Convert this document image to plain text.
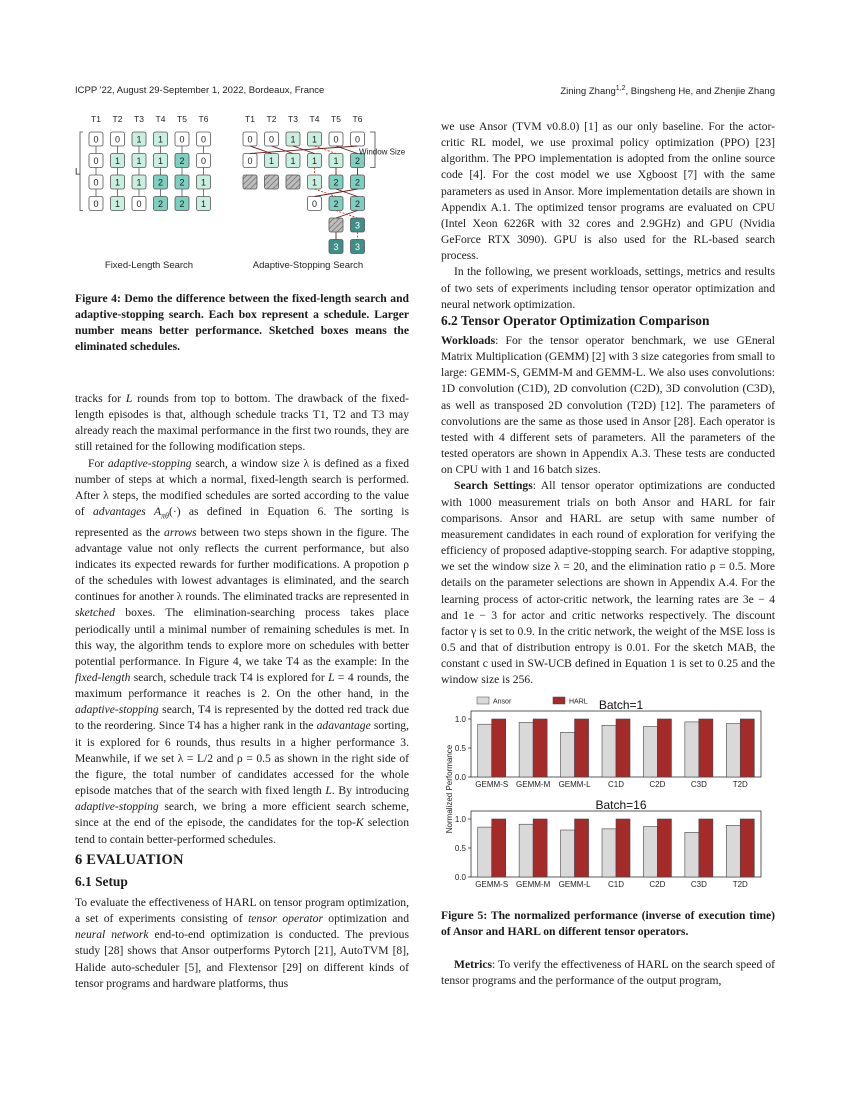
ICPP '22, August 29-September 1, 2022, Bordeaux, France	Zining Zhang$^{1,2}$, Bingsheng He, and Zhenjie Zhang
T1 T2 T3 T4 T5 T6
0 0 1 1 0 0
0 1 1 1 2 0
0 1 1 2 2 1
0 1 0 2 2 1
L
Fixed-Length Search
T1 T2 T3 T4 T5 T6
0 0 1 1 0 0
0 1 1 1 1 2
1 2 2
0 2 2
3
3 3
Window Size
Adaptive-Stopping Search
Figure 4: Demo the difference between the fixed-length search and adaptive-stopping search. Each box represent a schedule. Larger number means better performance. Sketched boxes means the eliminated schedules.

tracks for L rounds from top to bottom. The drawback of the fixed-length episodes is that, although schedule tracks T1, T2 and T3 may already reach the maximal performance in the first two rounds, they are still retained for the following modification steps.

For adaptive-stopping search, a window size λ is defined as a fixed number of steps at which a normal, fixed-length search is performed. After λ steps, the modified schedules are sorted according to the value of advantages $A_{\pi\theta}(\cdot)$ as defined in Equation 6. The sorting is represented as the arrows between two steps shown in the figure. The advantage value not only reflects the current performance, but also indicates its expected rewards for further modifications. A propotion ρ of the schedules with lowest advantages is eliminated, and the search continues for another λ rounds. The eliminated tracks are represented in sketched boxes. The elimination-searching process takes place periodically until a minimal number of remaining schedules is met. In this way, the algorithm tends to explore more on schedules with better potential performance. In Figure 4, we take T4 as the example: In the fixed-length search, schedule track T4 is explored for L = 4 rounds, the maximum performance it reaches is 2. On the other hand, in the adaptive-stopping search, T4 is represented by the dotted red track due to the reordering. Since T4 has a higher rank in the adavantage sorting, it is explored for 6 rounds, thus results in a higher performance 3. Meanwhile, if we set λ = L/2 and ρ = 0.5 as shown in the right side of the figure, the total number of candidates accessed for the whole episode matches that of the search with fixed length L. By introducing adaptive-stopping search, we bring a more efficient search scheme, since at the end of the episode, the candidates for the top-K selection tend to contain better-performed schedules.

6 EVALUATION
6.1 Setup
To evaluate the effectiveness of HARL on tensor program optimization, a set of experiments consisting of tensor operator optimization and neural network end-to-end optimization is conducted. The previous study [28] shows that Ansor outperforms Pytorch [21], AutoTVM [8], Halide auto-scheduler [5], and Flextensor [29] on different kinds of tensor programs and hardware platforms, thus

we use Ansor (TVM v0.8.0) [1] as our only baseline. For the actor-critic RL model, we use proximal policy optimization (PPO) [23] algorithm. The PPO implementation is adopted from the online source code [4]. For the cost model we use Xgboost [7] with the same parameters as used in Ansor. More implementation details are shown in Appendix A.1. The optimized tensor programs are evaluated on CPU (Intel Xeon 6226R with 32 cores and 2.9GHz) and GPU (Nvidia GeForce RTX 3090). GPU is also used for the RL-based search process.

In the following, we present workloads, settings, metrics and results of two sets of experiments including tensor operator optimization and neural network optimization.

6.2 Tensor Operator Optimization Comparison

Workloads: For the tensor operator benchmark, we use GEneral Matrix Multiplication (GEMM) [2] with 3 size categories from small to large: GEMM-S, GEMM-M and GEMM-L. We also uses convolutions: 1D convolution (C1D), 2D convolution (C2D), 3D convolution (C3D), as well as transposed 2D convolution (T2D) [12]. The parameters of convolutions are the same as those used in Ansor [28]. Each operator is tested with 4 different sets of parameters. All the parameters of the tested operators are shown in Appendix A.3. These tests are conducted on CPU with 1 and 16 batch sizes.

Search Settings: All tensor operator optimizations are conducted with 1000 measurement trials on both Ansor and HARL for fair comparisons. Ansor and HARL are setup with same number of measurement candidates in each round of exploration for verifying the efficiency of proposed adaptive-stopping search. For adaptive stopping, we set the window size λ = 20, and the elimination ratio ρ = 0.5. More details on the parameter selections are shown in Appendix A.4. For the learning process of actor-critic network, the learning rates are 3e − 4 and 1e − 3 for actor and critic networks respectively. The discount factor γ is set to 0.9. In the critic network, the weight of the MSE loss is 0.5 and that of distribution entropy is 0.01. For the sketch MAB, the constant c used in SW-UCB defined in Equation 1 is set to 0.25 and the window size is 256.

Normalized Performance 0.0
0.5
1.0
Batch=1
GEMM-S GEMM-M GEMM-L C1D	C2D	C3D	T2D
0.0
0.5
1.0
Batch=16
GEMM-S GEMM-M GEMM-L C1D	C2D	C3D	T2D
Ansor	HARL
Figure 5: The normalized performance (inverse of execution time) of Ansor and HARL on different tensor operators.
Metrics: To verify the effectiveness of HARL on the search speed of tensor programs and the performance of the output program,
